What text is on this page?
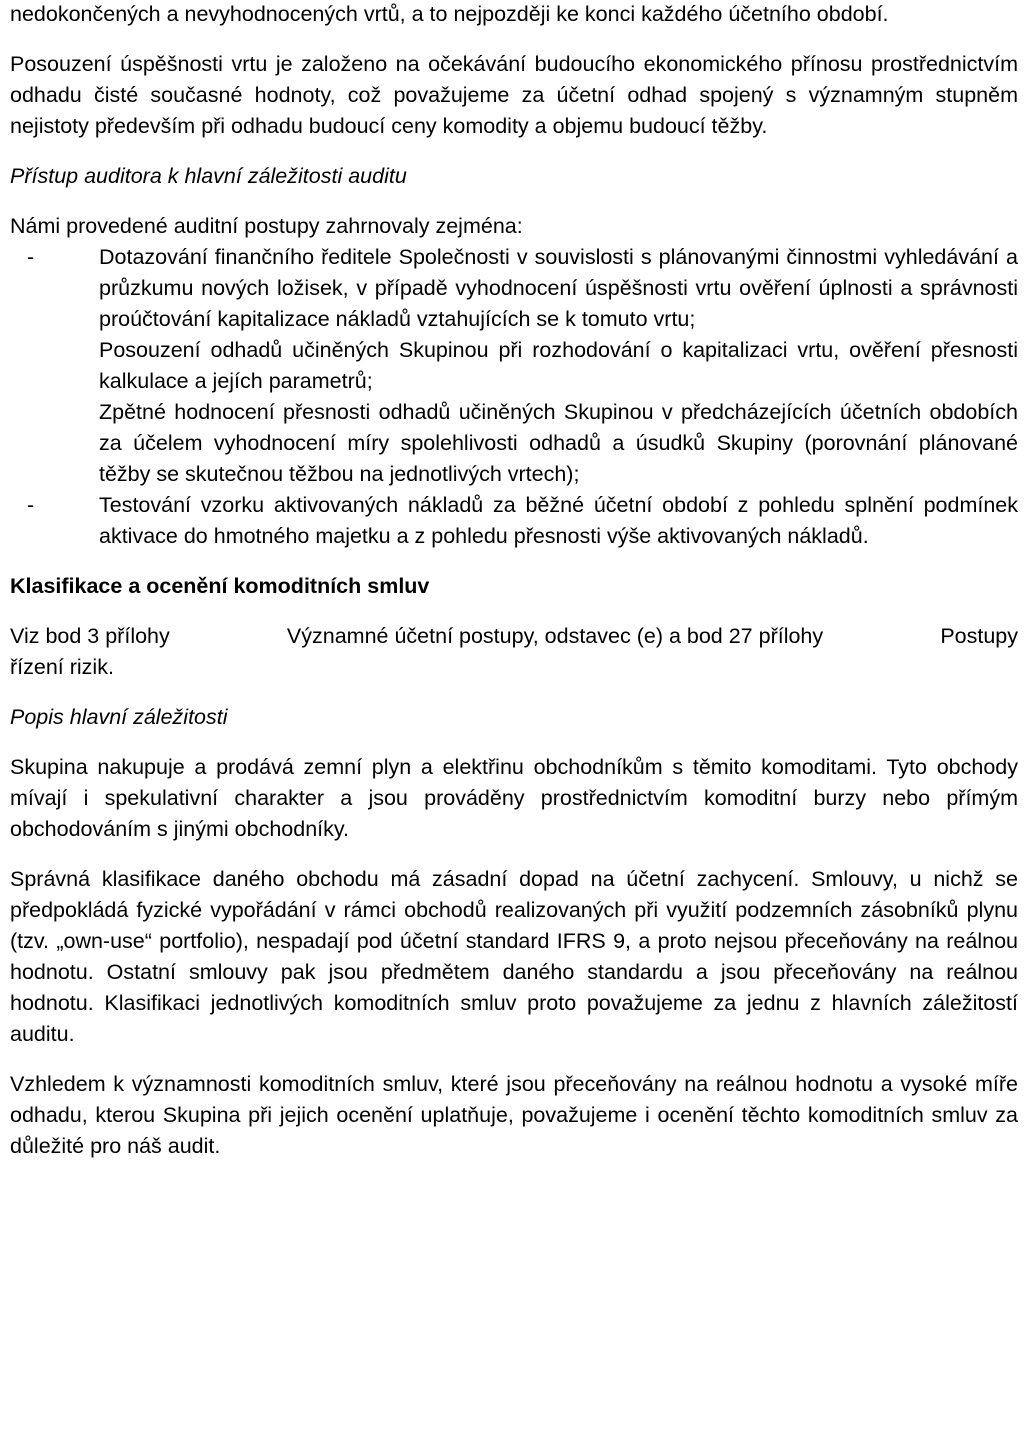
nedokončených a nevyhodnocených vrtů, a to nejpozději ke konci každého účetního období.

Posouzení úspěšnosti vrtu je založeno na očekávání budoucího ekonomického přínosu prostřednictvím odhadu čisté současné hodnoty, což považujeme za účetní odhad spojený s významným stupněm nejistoty především při odhadu budoucí ceny komodity a objemu budoucí těžby.

Přístup auditora k hlavní záležitosti auditu

Námi provedené auditní postupy zahrnovaly zejména:

-	Dotazování finančního ředitele Společnosti v souvislosti s plánovanými činnostmi vyhledávání a průzkumu nových ložisek, v případě vyhodnocení úspěšnosti vrtu ověření úplnosti a správnosti proúčtování kapitalizace nákladů vztahujících se k tomuto vrtu;
Posouzení odhadů učiněných Skupinou při rozhodování o kapitalizaci vrtu, ověření přesnosti kalkulace a jejích parametrů;
Zpětné hodnocení přesnosti odhadů učiněných Skupinou v předcházejících účetních obdobích za účelem vyhodnocení míry spolehlivosti odhadů a úsudků Skupiny (porovnání plánované těžby se skutečnou těžbou na jednotlivých vrtech);
-	Testování vzorku aktivovaných nákladů za běžné účetní období z pohledu splnění podmínek aktivace do hmotného majetku a z pohledu přesnosti výše aktivovaných nákladů.

Klasifikace a ocenění komoditních smluv

Viz bod 3 přílohy	Významné účetní postupy, odstavec (e) a bod 27 přílohy	Postupy
řízení rizik.

Popis hlavní záležitosti

Skupina nakupuje a prodává zemní plyn a elektřinu obchodníkům s těmito komoditami. Tyto obchody mívají i spekulativní charakter a jsou prováděny prostřednictvím komoditní burzy nebo přímým obchodováním s jinými obchodníky.

Správná klasifikace daného obchodu má zásadní dopad na účetní zachycení. Smlouvy, u nichž se předpokládá fyzické vypořádání v rámci obchodů realizovaných při využití podzemních zásobníků plynu (tzv. „own-use“ portfolio), nespadají pod účetní standard IFRS 9, a proto nejsou přeceňovány na reálnou hodnotu. Ostatní smlouvy pak jsou předmětem daného standardu a jsou přeceňovány na reálnou hodnotu. Klasifikaci jednotlivých komoditních smluv proto považujeme za jednu z hlavních záležitostí auditu.

Vzhledem k významnosti komoditních smluv, které jsou přeceňovány na reálnou hodnotu a vysoké míře odhadu, kterou Skupina při jejich ocenění uplatňuje, považujeme i ocenění těchto komoditních smluv za důležité pro náš audit.
